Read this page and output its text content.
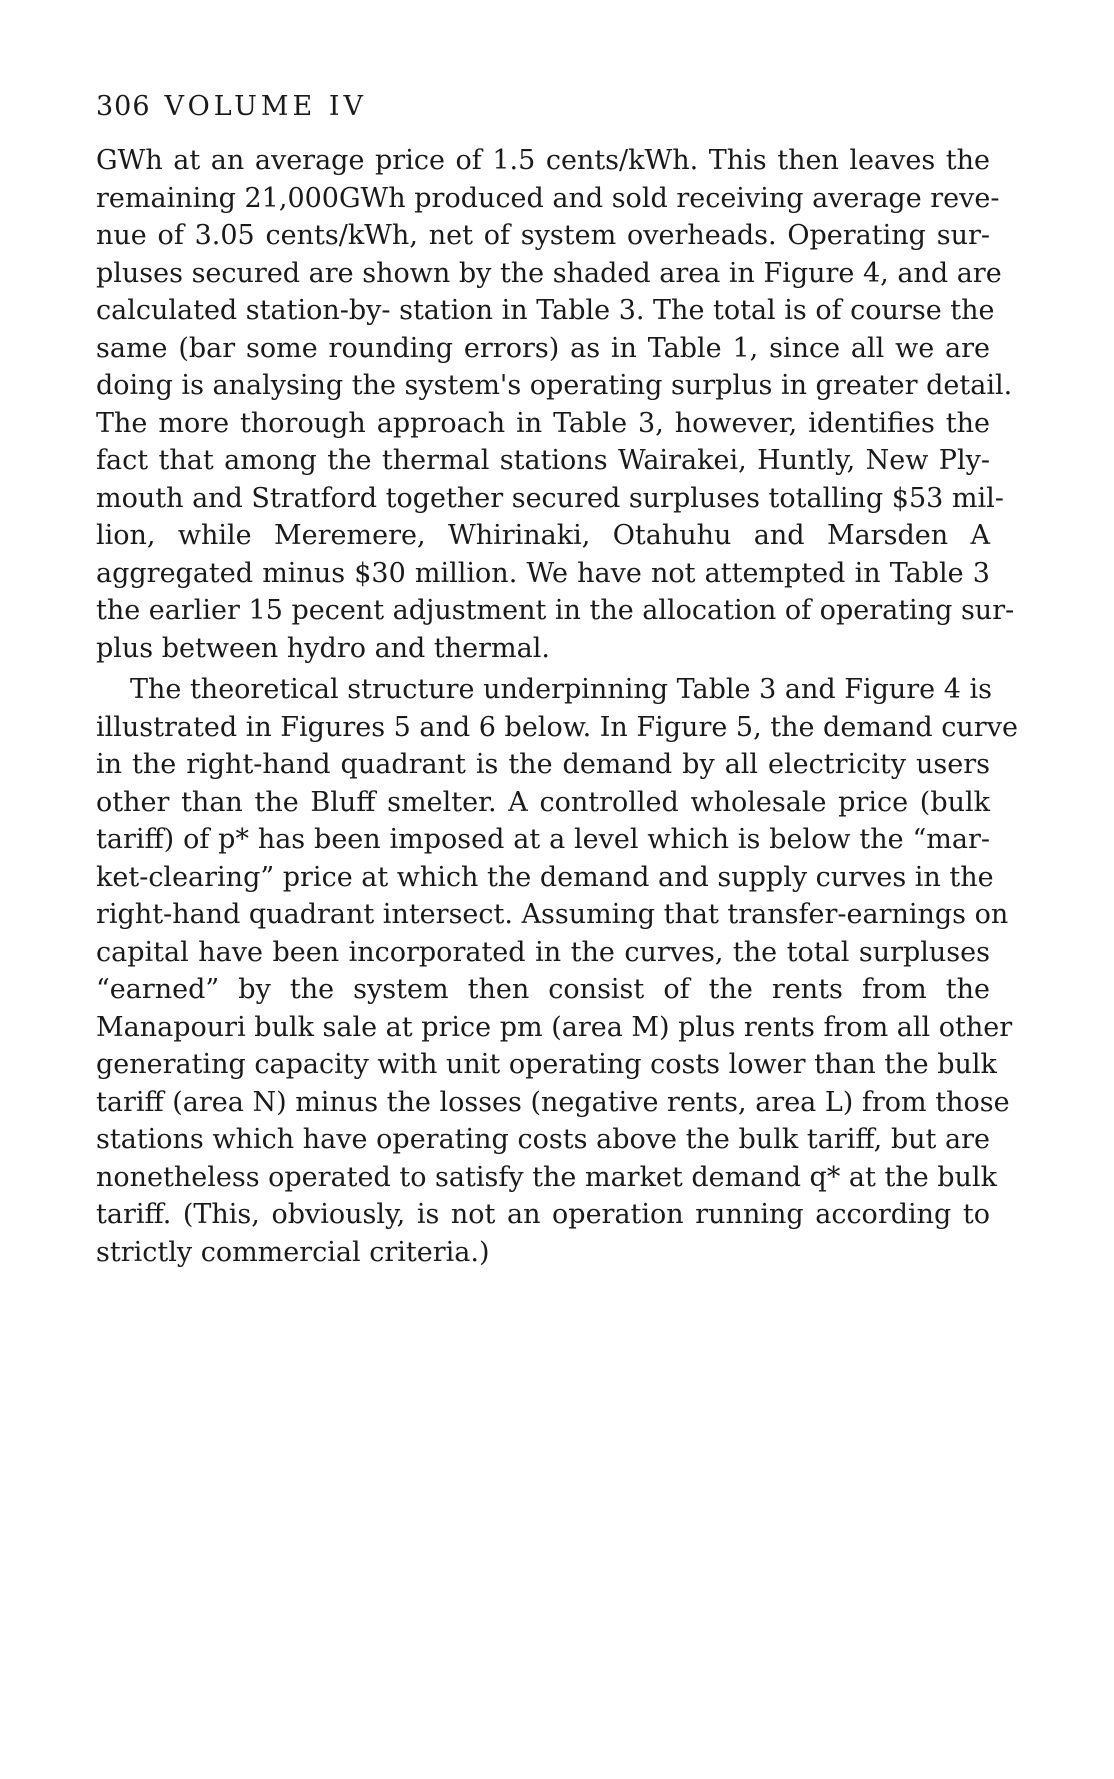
306 VOLUME IV
GWh at an average price of 1.5 cents/kWh. This then leaves the
remaining 21,000GWh produced and sold receiving average reve-
nue of 3.05 cents/kWh, net of system overheads. Operating sur-
pluses secured are shown by the shaded area in Figure 4, and are
calculated station-by- station in Table 3. The total is of course the
same (bar some rounding errors) as in Table 1, since all we are
doing is analysing the system's operating surplus in greater detail.
The more thorough approach in Table 3, however, identifies the
fact that among the thermal stations Wairakei, Huntly, New Ply-
mouth and Stratford together secured surpluses totalling $53 mil-
lion, while Meremere, Whirinaki, Otahuhu and Marsden A
aggregated minus $30 million. We have not attempted in Table 3
the earlier 15 pecent adjustment in the allocation of operating sur-
plus between hydro and thermal.
The theoretical structure underpinning Table 3 and Figure 4 is
illustrated in Figures 5 and 6 below. In Figure 5, the demand curve
in the right-hand quadrant is the demand by all electricity users
other than the Bluff smelter. A controlled wholesale price (bulk
tariff) of p* has been imposed at a level which is below the “mar-
ket-clearing” price at which the demand and supply curves in the
right-hand quadrant intersect. Assuming that transfer-earnings on
capital have been incorporated in the curves, the total surpluses
“earned” by the system then consist of the rents from the
Manapouri bulk sale at price pm (area M) plus rents from all other
generating capacity with unit operating costs lower than the bulk
tariff (area N) minus the losses (negative rents, area L) from those
stations which have operating costs above the bulk tariff, but are
nonetheless operated to satisfy the market demand q* at the bulk
tariff. (This, obviously, is not an operation running according to
strictly commercial criteria.)
